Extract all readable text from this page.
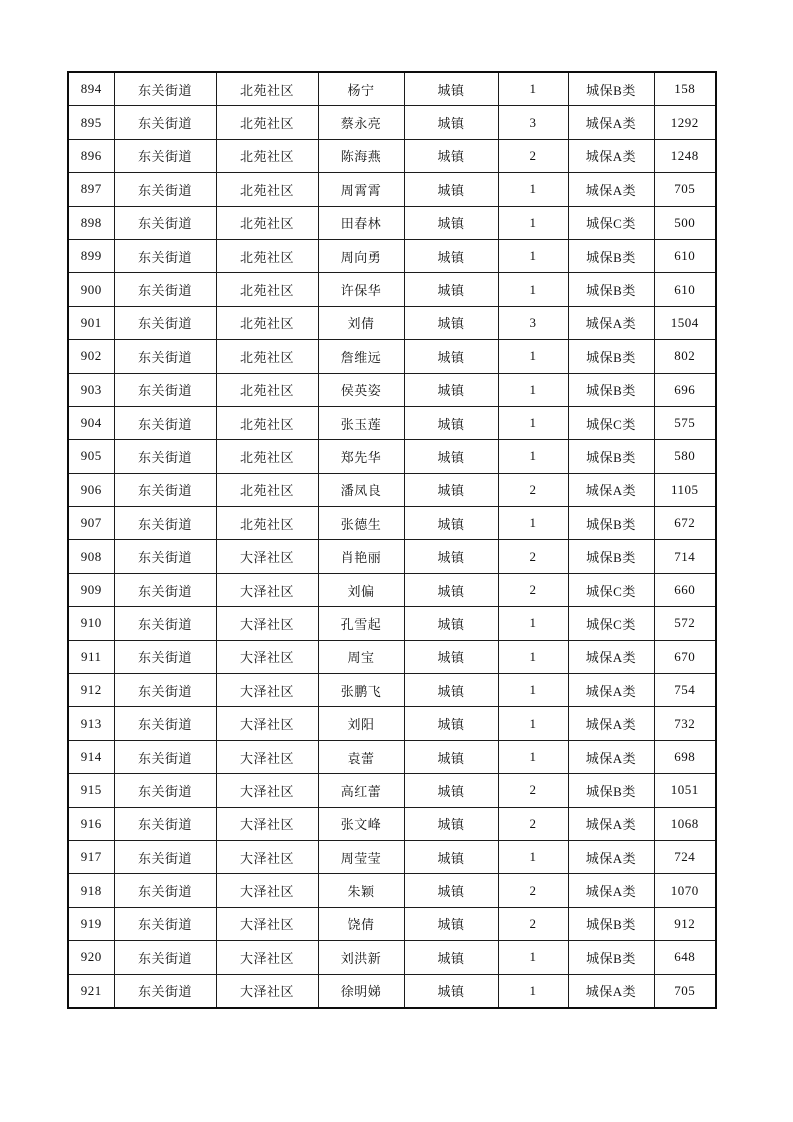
894	东关街道	北苑社区	杨宁	城镇	1	城保B类	158
895	东关街道	北苑社区	蔡永亮	城镇	3	城保A类	1292
896	东关街道	北苑社区	陈海燕	城镇	2	城保A类	1248
897	东关街道	北苑社区	周霄霄	城镇	1	城保A类	705
898	东关街道	北苑社区	田春林	城镇	1	城保C类	500
899	东关街道	北苑社区	周向勇	城镇	1	城保B类	610
900	东关街道	北苑社区	许保华	城镇	1	城保B类	610
901	东关街道	北苑社区	刘倩	城镇	3	城保A类	1504
902	东关街道	北苑社区	詹维远	城镇	1	城保B类	802
903	东关街道	北苑社区	侯英姿	城镇	1	城保B类	696
904	东关街道	北苑社区	张玉莲	城镇	1	城保C类	575
905	东关街道	北苑社区	郑先华	城镇	1	城保B类	580
906	东关街道	北苑社区	潘凤良	城镇	2	城保A类	1105
907	东关街道	北苑社区	张德生	城镇	1	城保B类	672
908	东关街道	大泽社区	肖艳丽	城镇	2	城保B类	714
909	东关街道	大泽社区	刘偏	城镇	2	城保C类	660
910	东关街道	大泽社区	孔雪起	城镇	1	城保C类	572
911	东关街道	大泽社区	周宝	城镇	1	城保A类	670
912	东关街道	大泽社区	张鹏飞	城镇	1	城保A类	754
913	东关街道	大泽社区	刘阳	城镇	1	城保A类	732
914	东关街道	大泽社区	袁蕾	城镇	1	城保A类	698
915	东关街道	大泽社区	高红蕾	城镇	2	城保B类	1051
916	东关街道	大泽社区	张文峰	城镇	2	城保A类	1068
917	东关街道	大泽社区	周莹莹	城镇	1	城保A类	724
918	东关街道	大泽社区	朱颖	城镇	2	城保A类	1070
919	东关街道	大泽社区	饶倩	城镇	2	城保B类	912
920	东关街道	大泽社区	刘洪新	城镇	1	城保B类	648
921	东关街道	大泽社区	徐明娣	城镇	1	城保A类	705
